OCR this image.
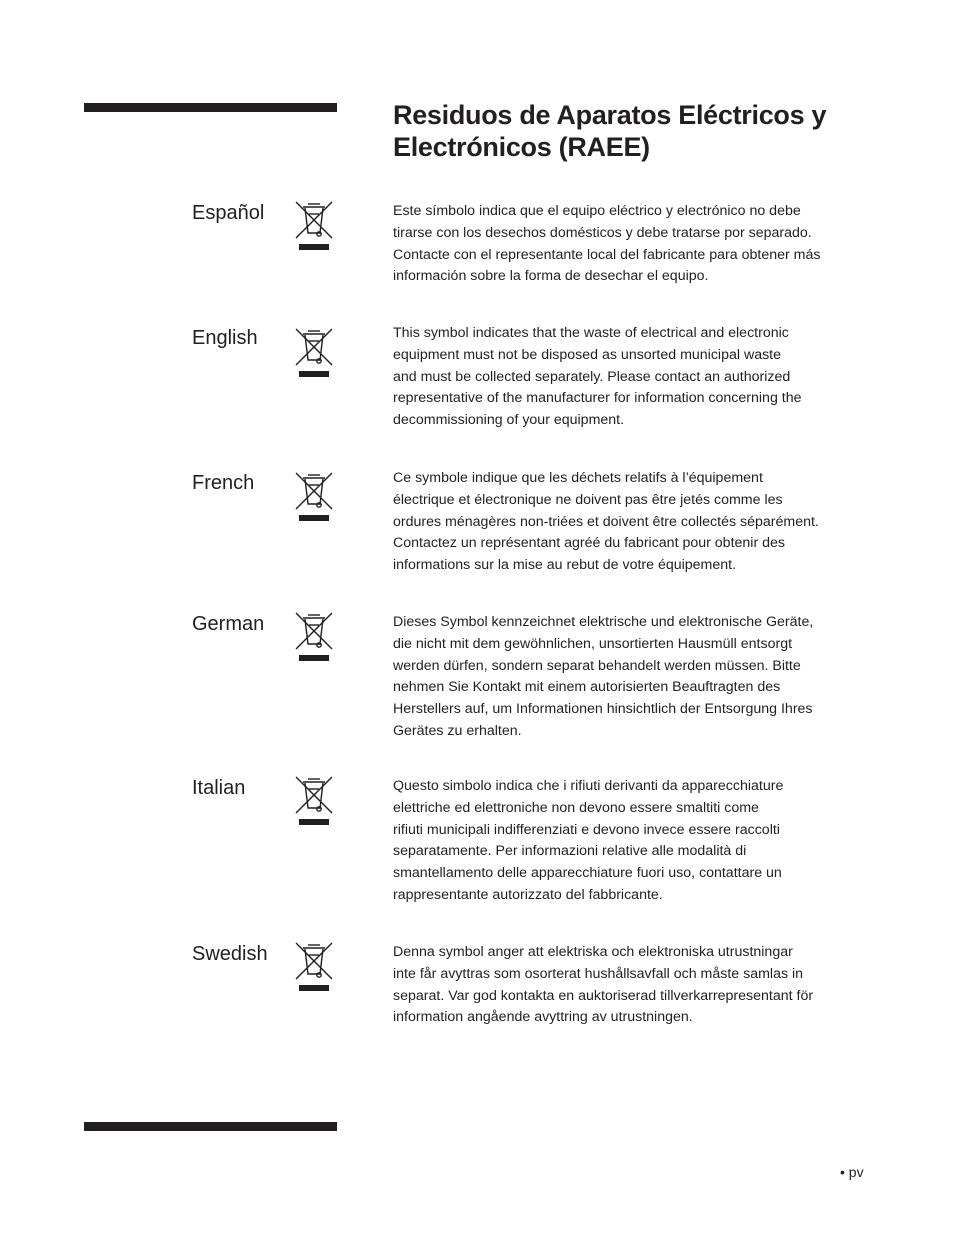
Residuos de Aparatos Eléctricos y
Electrónicos (RAEE)
Español	Este símbolo indica que el equipo eléctrico y electrónico no debe
tirarse con los desechos domésticos y debe tratarse por separado.
Contacte con el representante local del fabricante para obtener más
información sobre la forma de desechar el equipo.

English	This symbol indicates that the waste of electrical and electronic
equipment must not be disposed as unsorted municipal waste
and must be collected separately. Please contact an authorized
representative of the manufacturer for information concerning the
decommissioning of your equipment.

French	Ce symbole indique que les déchets relatifs à l’équipement
électrique et électronique ne doivent pas être jetés comme les
ordures ménagères non-triées et doivent être collectés séparément.
Contactez un représentant agréé du fabricant pour obtenir des
informations sur la mise au rebut de votre équipement.

German	Dieses Symbol kennzeichnet elektrische und elektronische Geräte,
die nicht mit dem gewöhnlichen, unsortierten Hausmüll entsorgt
werden dürfen, sondern separat behandelt werden müssen. Bitte
nehmen Sie Kontakt mit einem autorisierten Beauftragten des
Herstellers auf, um Informationen hinsichtlich der Entsorgung Ihres
Gerätes zu erhalten.

Italian	Questo simbolo indica che i rifiuti derivanti da apparecchiature
elettriche ed elettroniche non devono essere smaltiti come
rifiuti municipali indifferenziati e devono invece essere raccolti
separatamente. Per informazioni relative alle modalità di
smantellamento delle apparecchiature fuori uso, contattare un
rappresentante autorizzato del fabbricante.

Swedish	Denna symbol anger att elektriska och elektroniska utrustningar
inte får avyttras som osorterat hushållsavfall och måste samlas in
separat. Var god kontakta en auktoriserad tillverkarrepresentant för
information angående avyttring av utrustningen.

• pv
